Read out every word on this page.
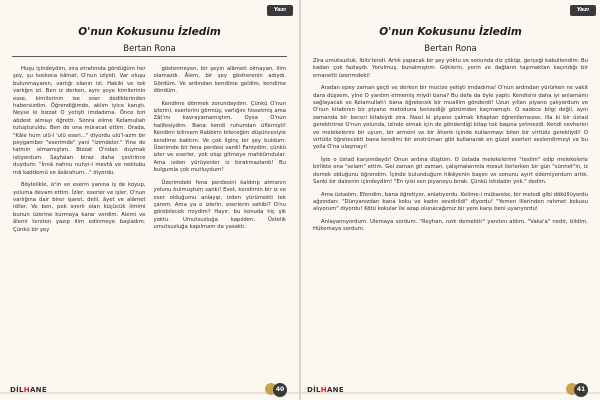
Yazı
O'nun Kokusunu İzledim
Bertan Rona

Huşu içindeydim, zira etrafımda gördüğüm her şey, şu koskoca kâinat, O'nun izlyidi. Var oluşu bulunmayanın, varlığı olanın izi. Hakiki ve tek varlığın izi. Ben iz derken, aynı şeye kimilerinin esse, kimilerinin ise eser dediklerinden habersizdim. Öğrendiğimde, aklım iyice karıştı. Neyse ki bizzat O yetişti imdadıma. Önce biri abdest almayı öğretti. Sonra elime Kelamullah tutuşturuldu. Ben de ona müracat ettim. Orada, "Kâle hum ulû-l 'ulû eseri..." diyordu ulü'l-azm bir peygamber "eserimde" yani "izimdeler." Yine de tatmin olmamıştım. Bizzat O'ndan duymak istiyordum. Sayfaları biraz daha çevirince duydum: "İnnâ nahnu nuhyi-l mevtâ ve nektubu mâ kaddemû ve âsârahum..." diyordu.

Böylelikle, iz'in ve eserin yanına iş de koyup, yoluma devam ettim. İzler, eserler ve işler, O'nun varlığına dair birer işaret, delil, âyet ve alâmet idiler. Ve ben, pek sınırlı olan küçücük ilmimi bunun üzerine kurmaya karar verdim. Alemi ve âlemi tersten yazıp ilim edinmeye başladım. Çünkü bir şey

göstermeyen, bir şeyin alâmeti olmayan, ilim olamazdı. Âlem, bir şey göstrerenin adıydı. Gördüm. Ve ardından kendime geldim, kendime döndüm.

Kendime dönmek zorundaydım. Çünkü O'nun izlerini, eserlerini görmüş; varlığını hissetmiş ama Zât'ını kavrayamamıştım. Oysa O'nun halifesiydim. Bana kendi ruhundan üflemişti! Kendimi bilirsem Rabbimi bileceğim düşüncesiyle kendime baktım. Ve çok ilginç bir şey buldum: Üzerimde bir fena perdesi vardı! Faniydim, çünkü izler ve eserler, yok olup gitmeye mahkûmdular. Ama izden yürüyenler iz bırakmazlardı! Bu bulgumla çok mutluydum!

Üzerimdeki fena perdesini kaldırıp atmanın yolunu bulmuştum sanki! Evet, kendimin bir iz ve eser olduğumu anlayıp, izden yürümekti tek çarem. Ama ya o izlerin, eserlerin sahibi? O'nu görebilecek miydim? Hayır, bu konuda hiç şik yoktu. Umutsuzluğa kapıldım. Üstelik umutsuzluğa kapılmam da yasaktı.

DİLHANE	40
Yazı
O'nun Kokusunu İzledim
Bertan Rona

Zira umutsuzluk, İblis'tendi. Artık yapacak bir şey yoktu ve sonunda diz çöküp, gerçeği kabullendim. Bu kadarı çok fazlaydı. Yorulmuş, bunalmıştım. Göklerin, yerin ve dağların taşımaktan kaçındığı bir emanetti üzerimdeki!

Aradan epey zaman geçti ve derken bir mucize yetişti imdadıma! O'nun ardından yürürken ne vakit dara düşsem, yine O yardım etmemiş miydi bana? Bu defa da öyle yaptı: Kendisini daha iyi anlamamı sağlayacak ve Kelamullah'ı bana öğretecek bir muallim gönderdi! Uzun yılları piyano çalıyordum ve O'nun kitabının bir piyano metoduna benzediği gözümden kaçmamıştı. O sadece bilgi değil, aynı zamanda bir beceri kitabıydı zira. Nasıl ki piyano çalmak kitaptan öğrenilemezse, illa ki bir üstad gerektirirse O'nun yolunda, izinde olmak için de gönderdiği kitap tek başına yetmezdi. Kendi cevherini ve melekelerini bir uyum, bir armoni ve bir âhenk içinde kullanmayı bilen bir virtüöz gerekliydi! O virtüöz öğretecekti bana kendimi bir enstrüman gibi kullanarak en güzel eserleri seslendirmeyi ve bu yolla O'na ulaşmayı!

İşte o üstad karşımdaydı! Onun ardına düştüm. O üstada melekelerimi "teslim" edip melekelerle birlikte ona "selam" ettim. Gel zaman git zaman, çalışmalarımla mesut ilerlerken bir gün "sünnet"in, iz demek olduğunu öğrendim. İçinde bulunduğum hikâyenin başını ve sonunu ayırt edemiyordum artık. Sanki bir dairenin içindeydim! "En iyisi sen piyanoyu bırak. Çünkü istidadın yok." dedim.

Ama üstadım, Efendim, bana öğretiyor, anlatıyordu. Kelime-i mübareke, bir melodi gibi döküllüyordu ağzından: "Dünyanızdan bana koku ve kadın sevdirildi" diyordu! "Yemen illerinden rahmet kokusu alıyorum" diyordu! Kötü kokular ile azap olunacağımız bir yere karşı beni uyarıyordu!

Anlayamıyordum. Ulemaya sordum. "Reyhan, nzık demektir" yanıtını aldım. "Vaka'a" nedir, bildim. Hükemaya sordum.

DİLHANE	41
